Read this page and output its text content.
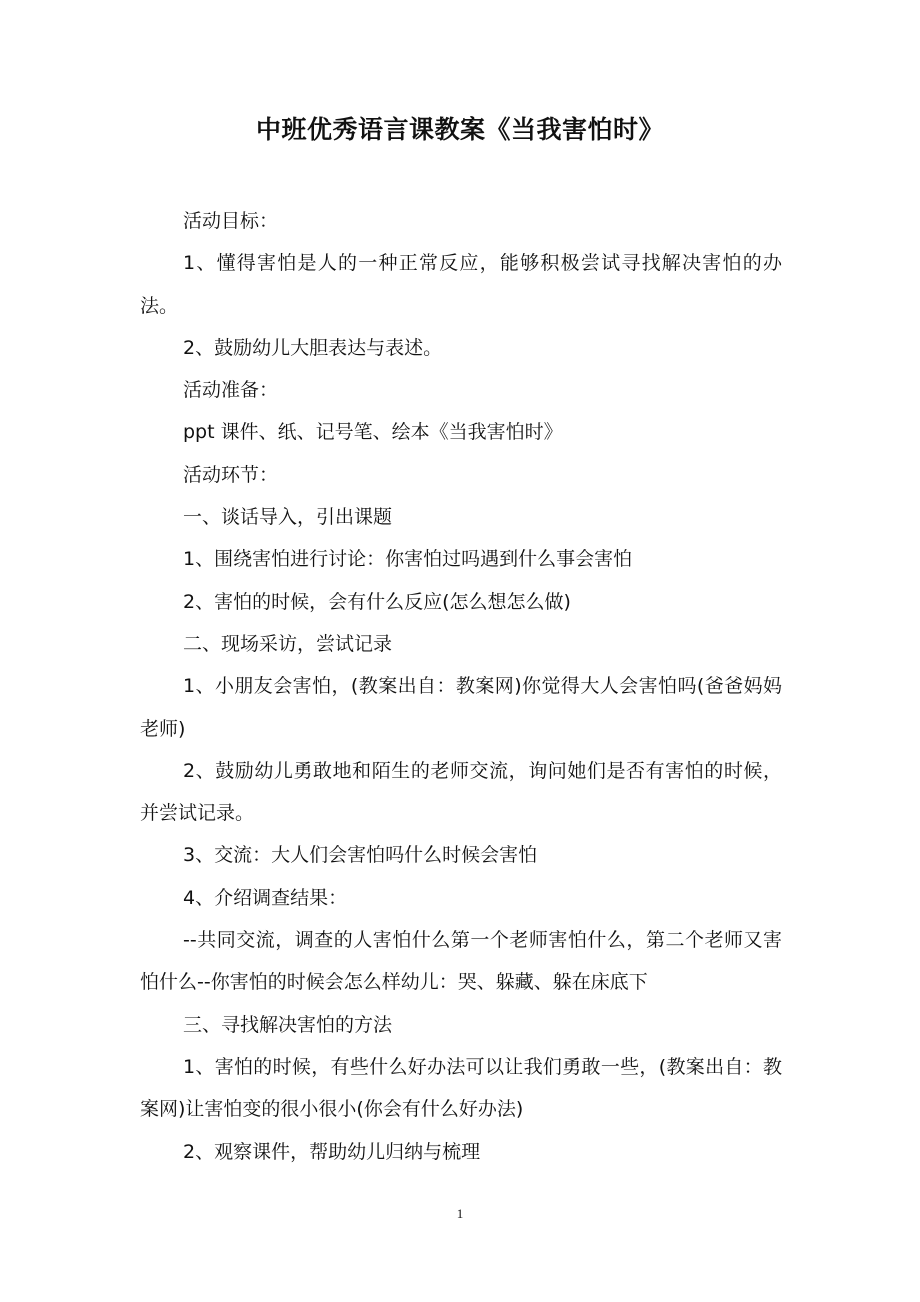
中班优秀语言课教案《当我害怕时》

活动目标：

1、懂得害怕是人的一种正常反应，能够积极尝试寻找解决害怕的办法。

2、鼓励幼儿大胆表达与表述。

活动准备：

ppt 课件、纸、记号笔、绘本《当我害怕时》

活动环节：

一、谈话导入，引出课题

1、围绕害怕进行讨论：你害怕过吗遇到什么事会害怕

2、害怕的时候，会有什么反应(怎么想怎么做)

二、现场采访，尝试记录

1、小朋友会害怕，(教案出自：教案网)你觉得大人会害怕吗(爸爸妈妈老师)

2、鼓励幼儿勇敢地和陌生的老师交流，询问她们是否有害怕的时候，并尝试记录。

3、交流：大人们会害怕吗什么时候会害怕

4、介绍调查结果：

--共同交流，调查的人害怕什么第一个老师害怕什么，第二个老师又害怕什么--你害怕的时候会怎么样幼儿：哭、躲藏、躲在床底下

三、寻找解决害怕的方法

1、害怕的时候，有些什么好办法可以让我们勇敢一些，(教案出自：教案网)让害怕变的很小很小(你会有什么好办法)

2、观察课件，帮助幼儿归纳与梳理

1
